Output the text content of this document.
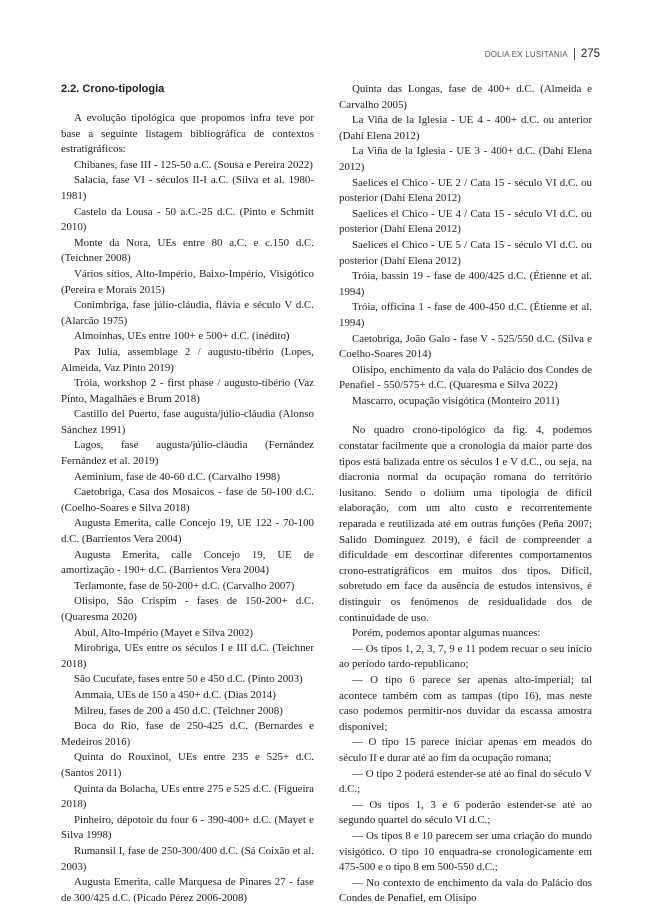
DOLIA EX LUSITANIA 275
2.2. Crono-tipologia

A evolução tipológica que propomos infra teve por base a seguinte listagem bibliográfica de contextos estratigráficos:

Chibanes, fase III - 125-50 a.C. (Sousa e Pereira 2022)

Salacia, fase VI - séculos II-I a.C. (Silva et al. 1980-1981)

Castelo da Lousa - 50 a.C.-25 d.C. (Pinto e Schmitt 2010)

Monte da Nora, UEs entre 80 a.C. e c.150 d.C. (Teichner 2008)

Vários sítios, Alto-Império, Baixo-Império, Visigótico (Pereira e Morais 2015)

Conimbriga, fase júlio-cláudia, flávia e século V d.C. (Alarcão 1975)

Almoínhas, UEs entre 100+ e 500+ d.C. (inédito)

Pax Iulia, assemblage 2 / augusto-tibério (Lopes, Almeida, Vaz Pinto 2019)

Tróia, workshop 2 - first phase / augusto-tibério (Vaz Pinto, Magalhães e Brum 2018)

Castillo del Puerto, fase augusta/júlio-cláudia (Alonso Sánchez 1991)

Lagos, fase augusta/júlio-cláudia (Fernández Fernández et al. 2019)

Aeminium, fase de 40-60 d.C. (Carvalho 1998)

Caetobriga, Casa dos Mosaicos - fase de 50-100 d.C. (Coelho-Soares e Silva 2018)

Augusta Emerita, calle Concejo 19, UE 122 - 70-100 d.C. (Barrientos Vera 2004)

Augusta Emerita, calle Concejo 19, UE de amortização - 190+ d.C. (Barrientos Vera 2004)

Terlamonte, fase de 50-200+ d.C. (Carvalho 2007)

Olisipo, São Crispim - fases de 150-200+ d.C. (Quaresma 2020)

Abul, Alto-Império (Mayet e Silva 2002)

Mirobriga, UEs entre os séculos I e III d.C. (Teichner 2018)

São Cucufate, fases entre 50 e 450 d.C. (Pinto 2003)

Ammaia, UEs de 150 a 450+ d.C. (Dias 2014)

Milreu, fases de 200 a 450 d.C. (Teichner 2008)

Boca do Rio, fase de 250-425 d.C. (Bernardes e Medeiros 2016)

Quinta do Rouxinol, UEs entre 235 e 525+ d.C. (Santos 2011)

Quinta da Bolacha, UEs entre 275 e 525 d.C. (Figueira 2018)

Pinheiro, dépotoir du four 6 - 390-400+ d.C. (Mayet e Silva 1998)

Rumansil I, fase de 250-300/400 d.C. (Sá Coixão et al. 2003)

Augusta Emerita, calle Marquesa de Pinares 27 - fase de 300/425 d.C. (Picado Pérez 2006-2008)

Quinta das Longas, fase de 400+ d.C. (Almeida e Carvalho 2005)

La Viña de la Iglesia - UE 4 - 400+ d.C. ou anterior (Dahí Elena 2012)

La Viña de la Iglesia - UE 3 - 400+ d.C. (Dahí Elena 2012)

Saelices el Chico - UE 2 / Cata 15 - século VI d.C. ou posterior (Dahí Elena 2012)

Saelices el Chico - UE 4 / Cata 15 - século VI d.C. ou posterior (Dahí Elena 2012)

Saelices el Chico - UE 5 / Cata 15 - século VI d.C. ou posterior (Dahí Elena 2012)

Tróia, bassin 19 - fase de 400/425 d.C. (Étienne et al. 1994)

Tróia, officina 1 - fase de 400-450 d.C. (Étienne et al. 1994)

Caetobriga, João Galo - fase V - 525/550 d.C. (Silva e Coelho-Soares 2014)

Olisipo, enchimento da vala do Palácio dos Condes de Penafiel - 550/575+ d.C. (Quaresma e Silva 2022)

Mascarro, ocupação visigótica (Monteiro 2011)

No quadro crono-tipológico da fig. 4, podemos constatar facilmente que a cronologia da maior parte dos tipos está balizada entre os séculos I e V d.C., ou seja, na diacronia normal da ocupação romana do território lusitano. Sendo o dolium uma tipologia de difícil elaboração, com um alto custo e recorrentemente reparada e reutilizada até em outras funções (Peña 2007; Salido Domínguez 2019), é fácil de compreender a dificuldade em descortinar diferentes comportamentos crono-estratigráficos em muitos dos tipos. Difícil, sobretudo em face da ausência de estudos intensivos, é distinguir os fenómenos de residualidade dos de continuidade de uso.

Porém, podemos apontar algumas nuances:

— Os tipos 1, 2, 3, 7, 9 e 11 podem recuar o seu início ao período tardo-republicano;

— O tipo 6 parece ser apenas alto-imperial; tal acontece também com as tampas (tipo 16), mas neste caso podemos permitir-nos duvidar da escassa amostra disponível;

— O tipo 15 parece iniciar apenas em meados do século II e durar até ao fim da ocupação romana;

— O tipo 2 poderá estender-se até ao final do século V d.C.;

— Os tipos 1, 3 e 6 poderão estender-se até ao segundo quartel do século VI d.C.;

— Os tipos 8 e 10 parecem ser uma criação do mundo visigótico. O tipo 10 enquadra-se cronologicamente em 475-500 e o tipo 8 em 500-550 d.C.;

— No contexto de enchimento da vala do Palácio dos Condes de Penafiel, em Olisipo
